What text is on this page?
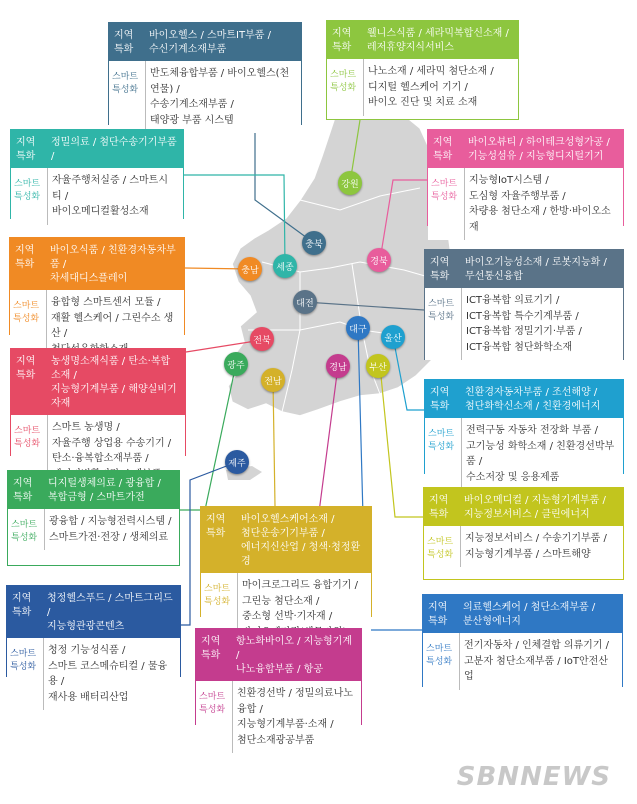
강원
충북
세종
충남
경북
대전
대구
울산
전북
광주
전남
경남	부산
제주
지역
특화
바이오헬스 / 스마트IT부품 /
수신기계소재부품
스마트
특성화
반도체융합부품 / 바이오헬스(천연물) /
수송기계소재부품 /
태양광 부품 시스템
지역
특화
웰니스식품 / 세라믹복합신소재 /
레저휴양지식서비스
스마트
특성화
나노소재 / 세라믹 첨단소재 /
디지털 헬스케어 기기 /
바이오 진단 및 치료 소재
지역
특화
정밀의료 / 첨단수송기기부품 /
스마트
특성화
자율주행처실증 / 스마트시티 /
바이오메디컬활성소재
지역
특화
바이오뷰티 / 하이테크성형가공 /
기능성섬유 / 지능형디지털기기
스마트
특성화
지능형IoT시스템 /
도심형 자율주행부품 /
차량용 첨단소재 / 한방·바이오소재
지역
특화
바이오식품 / 친환경자동차부품 /
차세대디스플레이
스마트
특성화
융합형 스마트센서 모듈 /
재활 헬스케어 / 그린수소 생산 /
지역
특화
바이오기능성소재 / 로봇지능화 /
무선통신융합
스마트
특성화
ICT융복합 의료기기 /
ICT융복합 특수기계부품 /
ICT융복합 정밀기기·부품 /
ICT융복합 첨단화학소재
지역
특화
농생명소재식품 / 탄소·복합소재 /
지능형기계부품 / 해양실비기자재
스마트
특성화
스마트 농생명 /
자율주행 상업용 수송기기 /
탄소·융복합소재부품 /
지역
특화
친환경자동차부품 / 조선해양 /
첨단화학신소재 / 친환경에너지
스마트
특성화
전력구동 자동차 전장화 부품 /
고기능성 화학소재 / 친환경선박부품 /
수소저장 및 응용제품
지역
특화
디지털생체의료 / 광융합 /
복합금형 / 스마트가전
스마트
특성화
광융합 / 지능형전력시스템 /
스마트가전·전장 / 생체의료
지역
특화
바이오헬스케어소재 /
첨단운송기기부품 /
에너지신산업 / 청색·청정환경
스마트
특성화
마이크로그리드 융합기기 /
그린능 첨단소재 /
중소형 선박·기자재 /
지역
특화
바이오메디컬 / 지능형기계부품 /
지능정보서비스 / 클린에너지
스마트
특성화
지능정보서비스 / 수송기기부품 /
지능형기계부품 / 스마트해양
지역
특화
청정헬스푸드 / 스마트그리드 /
지능형관광콘텐츠
스마트
특성화
청정 기능성식품 /
스마트 코스메슈티컬 / 물융용 /
재사용 배터리산업
지역
특화
항노화바이오 / 지능형기계 /
나노융합부품 / 항공
스마트
특성화
친환경선박 / 정밀의료나노융합 /
지능형기계부품·소재 /
첨단소재광공부품
지역
특화
의료헬스케어 / 첨단소재부품 /
분산형에너지
스마트
특성화
전기자동차 / 인체결합 의류기기 /
고분자 첨단소재부품 / IoT안전산업
SBNNEWS
